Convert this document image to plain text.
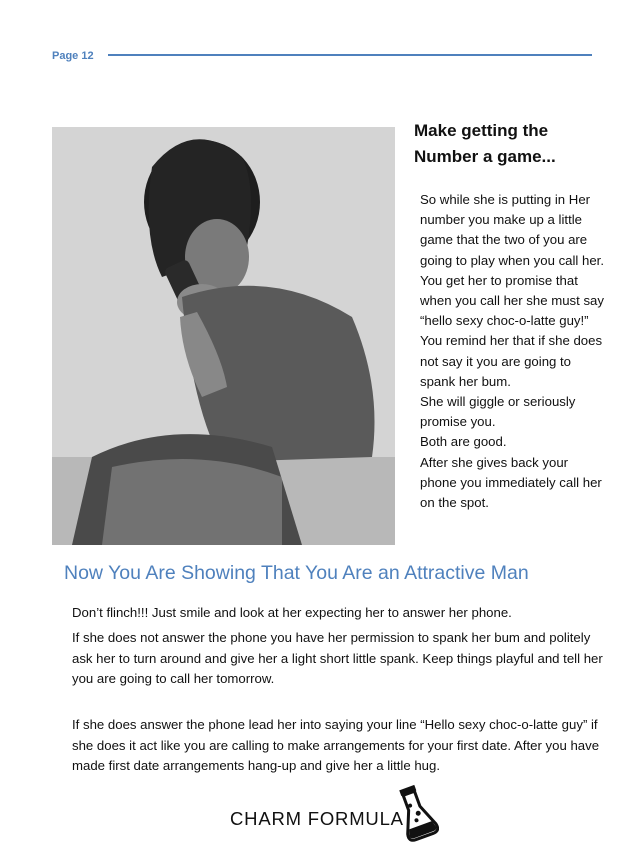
Page 12
Make getting the
Number a game...

So while she is putting in Her number you make up a little game that the two of you are going to play when you call her.

You get her to promise that when you call her she must say “hello sexy choc-o-latte guy!”

You remind her that if she does not say it you are going to spank her bum.

She will giggle or seriously promise you.

Both are good.

After she gives back your phone you immediately call her on the spot.

Now You Are Showing That You Are an Attractive Man

Don’t flinch!!! Just smile and look at her expecting her to answer her phone.

If she does not answer the phone you have her permission to spank her bum and politely ask her to turn around and give her a light short little spank. Keep things playful and tell her you are going to call her tomorrow.

If she does answer the phone lead her into saying your line “Hello sexy choc-o-latte guy” if she does it act like you are calling to make arrangements for your first date. After you have made first date arrangements hang-up and give her a little hug.

CHARM FORMULA
